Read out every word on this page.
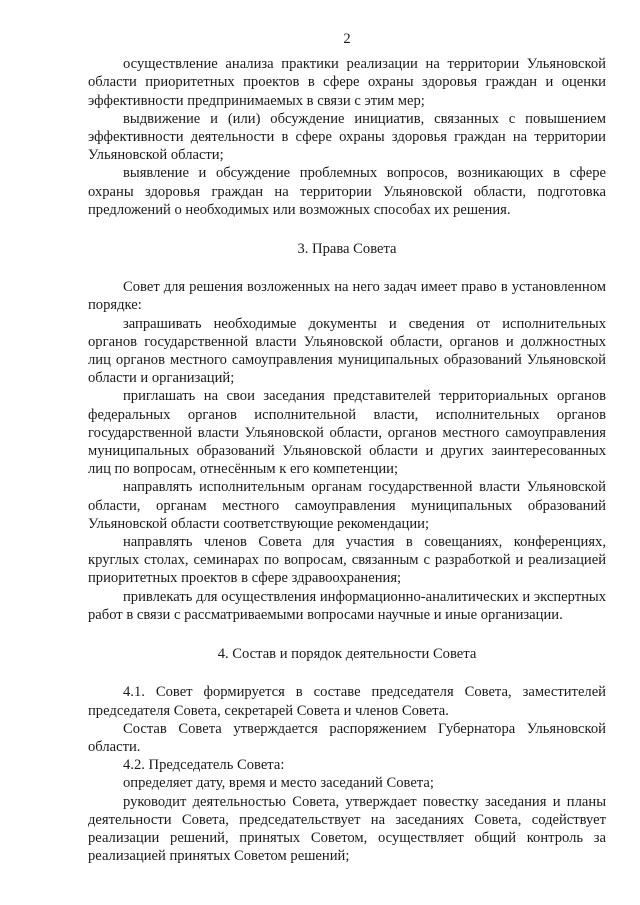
2

осуществление анализа практики реализации на территории Ульяновской области приоритетных проектов в сфере охраны здоровья граждан и оценки эффективности предпринимаемых в связи с этим мер;

выдвижение и (или) обсуждение инициатив, связанных с повышением эффективности деятельности в сфере охраны здоровья граждан на территории Ульяновской области;

выявление и обсуждение проблемных вопросов, возникающих в сфере охраны здоровья граждан на территории Ульяновской области, подготовка предложений о необходимых или возможных способах их решения.

3. Права Совета

Совет для решения возложенных на него задач имеет право в установленном порядке:

запрашивать необходимые документы и сведения от исполнительных органов государственной власти Ульяновской области, органов и должностных лиц органов местного самоуправления муниципальных образований Ульяновской области и организаций;

приглашать на свои заседания представителей территориальных органов федеральных органов исполнительной власти, исполнительных органов государственной власти Ульяновской области, органов местного самоуправления муниципальных образований Ульяновской области и других заинтересованных лиц по вопросам, отнесённым к его компетенции;

направлять исполнительным органам государственной власти Ульяновской области, органам местного самоуправления муниципальных образований Ульяновской области соответствующие рекомендации;

направлять членов Совета для участия в совещаниях, конференциях, круглых столах, семинарах по вопросам, связанным с разработкой и реализацией приоритетных проектов в сфере здравоохранения;

привлекать для осуществления информационно-аналитических и экспертных работ в связи с рассматриваемыми вопросами научные и иные организации.

4. Состав и порядок деятельности Совета

4.1. Совет формируется в составе председателя Совета, заместителей председателя Совета, секретарей Совета и членов Совета.

Состав Совета утверждается распоряжением Губернатора Ульяновской области.

4.2. Председатель Совета:

определяет дату, время и место заседаний Совета;

руководит деятельностью Совета, утверждает повестку заседания и планы деятельности Совета, председательствует на заседаниях Совета, содействует реализации решений, принятых Советом, осуществляет общий контроль за реализацией принятых Советом решений;
